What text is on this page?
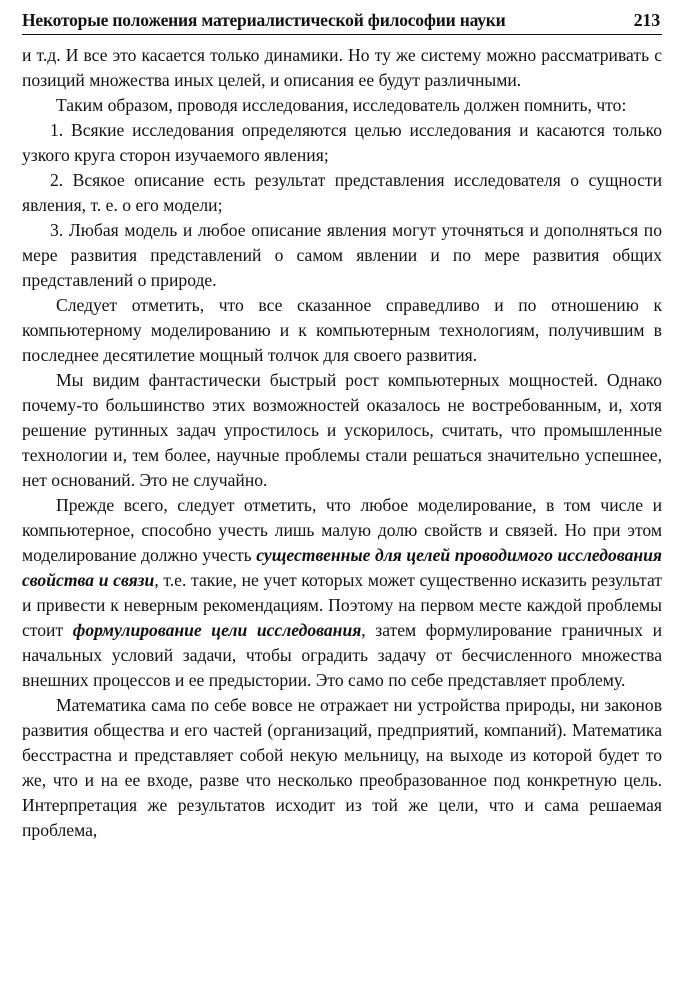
Некоторые положения материалистической философии науки	213

и т.д. И все это касается только динамики. Но ту же систему можно рассматривать с позиций множества иных целей, и описания ее будут различными.

Таким образом, проводя исследования, исследователь должен помнить, что:

1. Всякие исследования определяются целью исследования и касаются только узкого круга сторон изучаемого явления;

2. Всякое описание есть результат представления исследователя о сущности явления, т. е. о его модели;

3. Любая модель и любое описание явления могут уточняться и дополняться по мере развития представлений о самом явлении и по мере развития общих представлений о природе.

Следует отметить, что все сказанное справедливо и по отношению к компьютерному моделированию и к компьютерным технологиям, получившим в последнее десятилетие мощный толчок для своего развития.

Мы видим фантастически быстрый рост компьютерных мощностей. Однако почему-то большинство этих возможностей оказалось не востребованным, и, хотя решение рутинных задач упростилось и ускорилось, считать, что промышленные технологии и, тем более, научные проблемы стали решаться значительно успешнее, нет оснований. Это не случайно.

Прежде всего, следует отметить, что любое моделирование, в том числе и компьютерное, способно учесть лишь малую долю свойств и связей. Но при этом моделирование должно учесть существенные для целей проводимого исследования свойства и связи, т.е. такие, не учет которых может существенно исказить результат и привести к неверным рекомендациям. Поэтому на первом месте каждой проблемы стоит формулирование цели исследования, затем формулирование граничных и начальных условий задачи, чтобы оградить задачу от бесчисленного множества внешних процессов и ее предыстории. Это само по себе представляет проблему.

Математика сама по себе вовсе не отражает ни устройства природы, ни законов развития общества и его частей (организаций, предприятий, компаний). Математика бесстрастна и представляет собой некую мельницу, на выходе из которой будет то же, что и на ее входе, разве что несколько преобразованное под конкретную цель. Интерпретация же результатов исходит из той же цели, что и сама решаемая проблема,
